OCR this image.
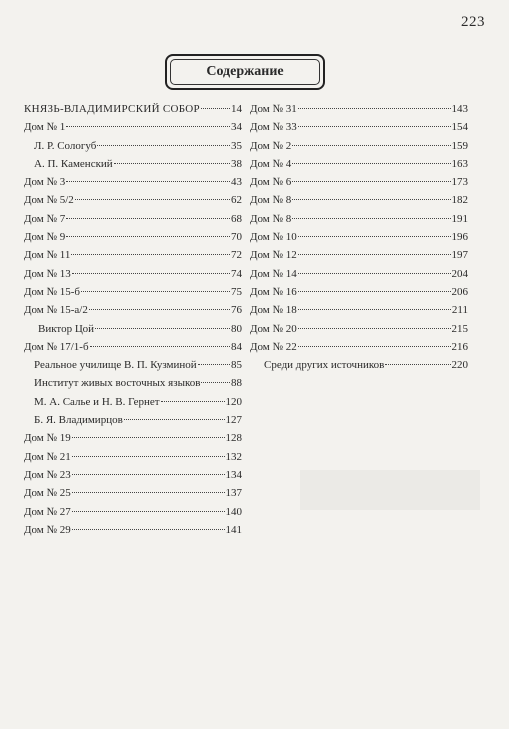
223
Содержание
КНЯЗЬ-ВЛАДИМИРСКИЙ СОБОР	14
Дом № 1	34
Л. Р. Сологуб	35
А. П. Каменский	38
Дом № 3	43
Дом № 5/2	62
Дом № 7	68
Дом № 9	70
Дом № 11	72
Дом № 13	74
Дом № 15-б	75
Дом № 15-а/2	76
Виктор Цой	80
Дом № 17/1-б	84
Реальное училище В. П. Кузминой	85
Институт живых восточных языков	88
М. А. Салье и Н. В. Гернет	120
Б. Я. Владимирцов	127
Дом № 19	128
Дом № 21	132
Дом № 23	134
Дом № 25	137
Дом № 27	140
Дом № 29	141
Дом № 31	143
Дом № 33	154
Дом № 2	159
Дом № 4	163
Дом № 6	173
Дом № 8	182
Дом № 8	191
Дом № 10	196
Дом № 12	197
Дом № 14	204
Дом № 16	206
Дом № 18	211
Дом № 20	215
Дом № 22	216
Среди других источников	220
